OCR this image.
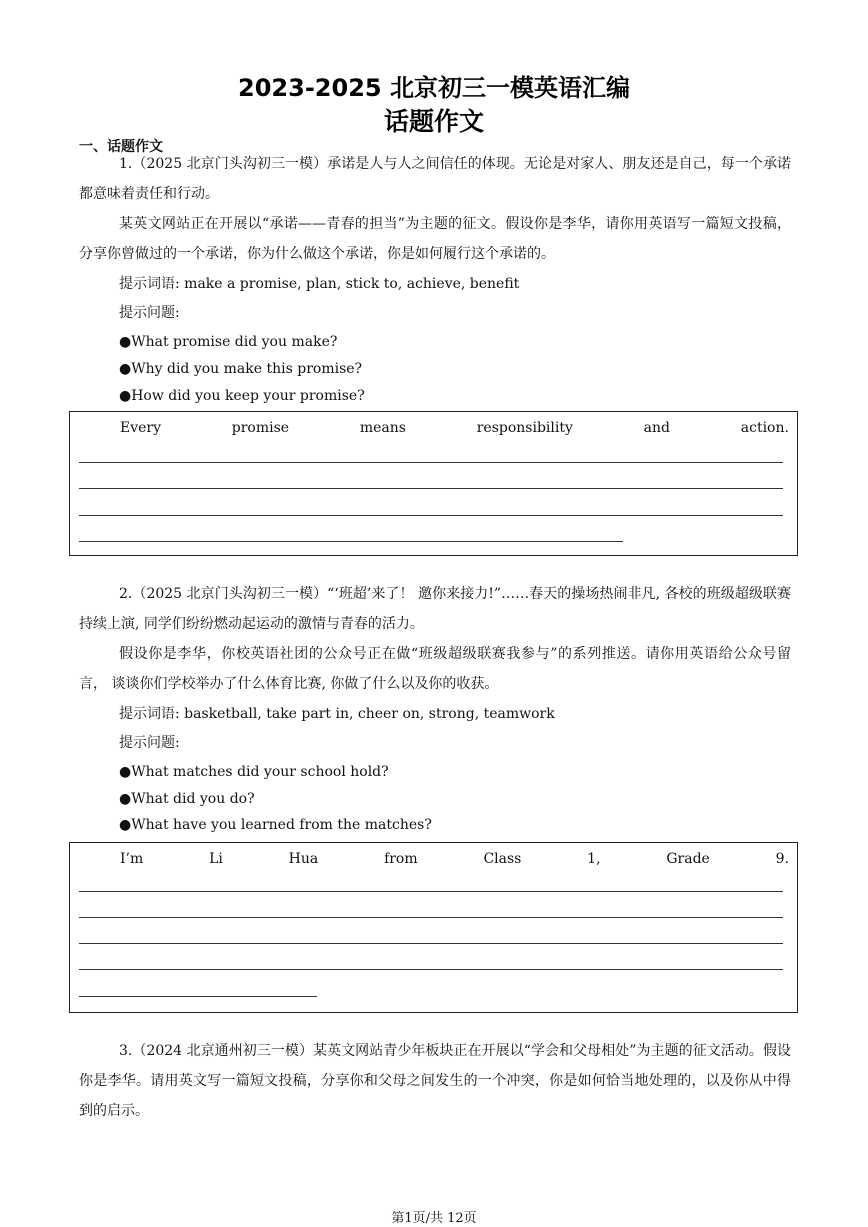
2023-2025 北京初三一模英语汇编
话题作文
一、话题作文
1.（2025 北京门头沟初三一模）承诺是人与人之间信任的体现。无论是对家人、朋友还是自己，每一个承诺都意味着责任和行动。
某英文网站正在开展以“承诺——青春的担当”为主题的征文。假设你是李华，请你用英语写一篇短文投稿，分享你曾做过的一个承诺，你为什么做这个承诺，你是如何履行这个承诺的。
提示词语: make a promise, plan, stick to, achieve, benefit
提示问题:
●What promise did you make?
●Why did you make this promise?
●How did you keep your promise?
Every	promise	means	responsibility	and	action.
2.（2025 北京门头沟初三一模）“‘班超’来了！ 邀你来接力!”……春天的操场热闹非凡, 各校的班级超级联赛持续上演, 同学们纷纷燃动起运动的激情与青春的活力。
假设你是李华，你校英语社团的公众号正在做“班级超级联赛我参与”的系列推送。请你用英语给公众号留言， 谈谈你们学校举办了什么体育比赛, 你做了什么以及你的收获。
提示词语: basketball, take part in, cheer on, strong, teamwork
提示问题:
●What matches did your school hold?
●What did you do?
●What have you learned from the matches?
I’m	Li	Hua	from	Class	1,	Grade	9.
3.（2024 北京通州初三一模）某英文网站青少年板块正在开展以“学会和父母相处”为主题的征文活动。假设你是李华。请用英文写一篇短文投稿，分享你和父母之间发生的一个冲突，你是如何恰当地处理的，以及你从中得到的启示。
第1页/共 12页
